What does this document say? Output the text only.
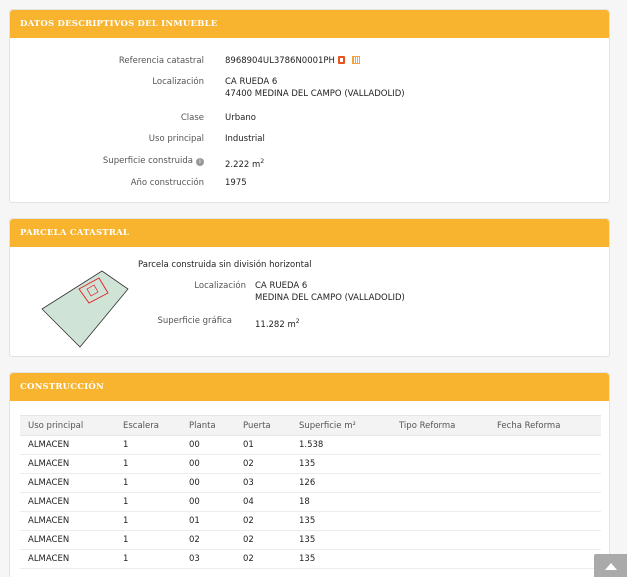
DATOS DESCRIPTIVOS DEL INMUEBLE
Referencia catastral 8968904UL3786N0001PH
Localización CA RUEDA 6
47400 MEDINA DEL CAMPO (VALLADOLID)
Clase Urbano
Uso principal Industrial
Superficie construida i	2.222 $m^2$
Año construcción 1975
PARCELA CATASTRAL
Parcela construida sin división horizontal
Localización CA RUEDA 6
MEDINA DEL CAMPO (VALLADOLID)
Superficie gráfica	11.282 $m^2$
CONSTRUCCIÓN
Uso principal	Escalera	Planta	Puerta	Superficie m²	Tipo Reforma	Fecha Reforma
ALMACEN	1	00	01	1.538		
ALMACEN	1	00	02	135		
ALMACEN	1	00	03	126		
ALMACEN	1	00	04	18		
ALMACEN	1	01	02	135		
ALMACEN	1	02	02	135		
ALMACEN	1	03	02	135		
